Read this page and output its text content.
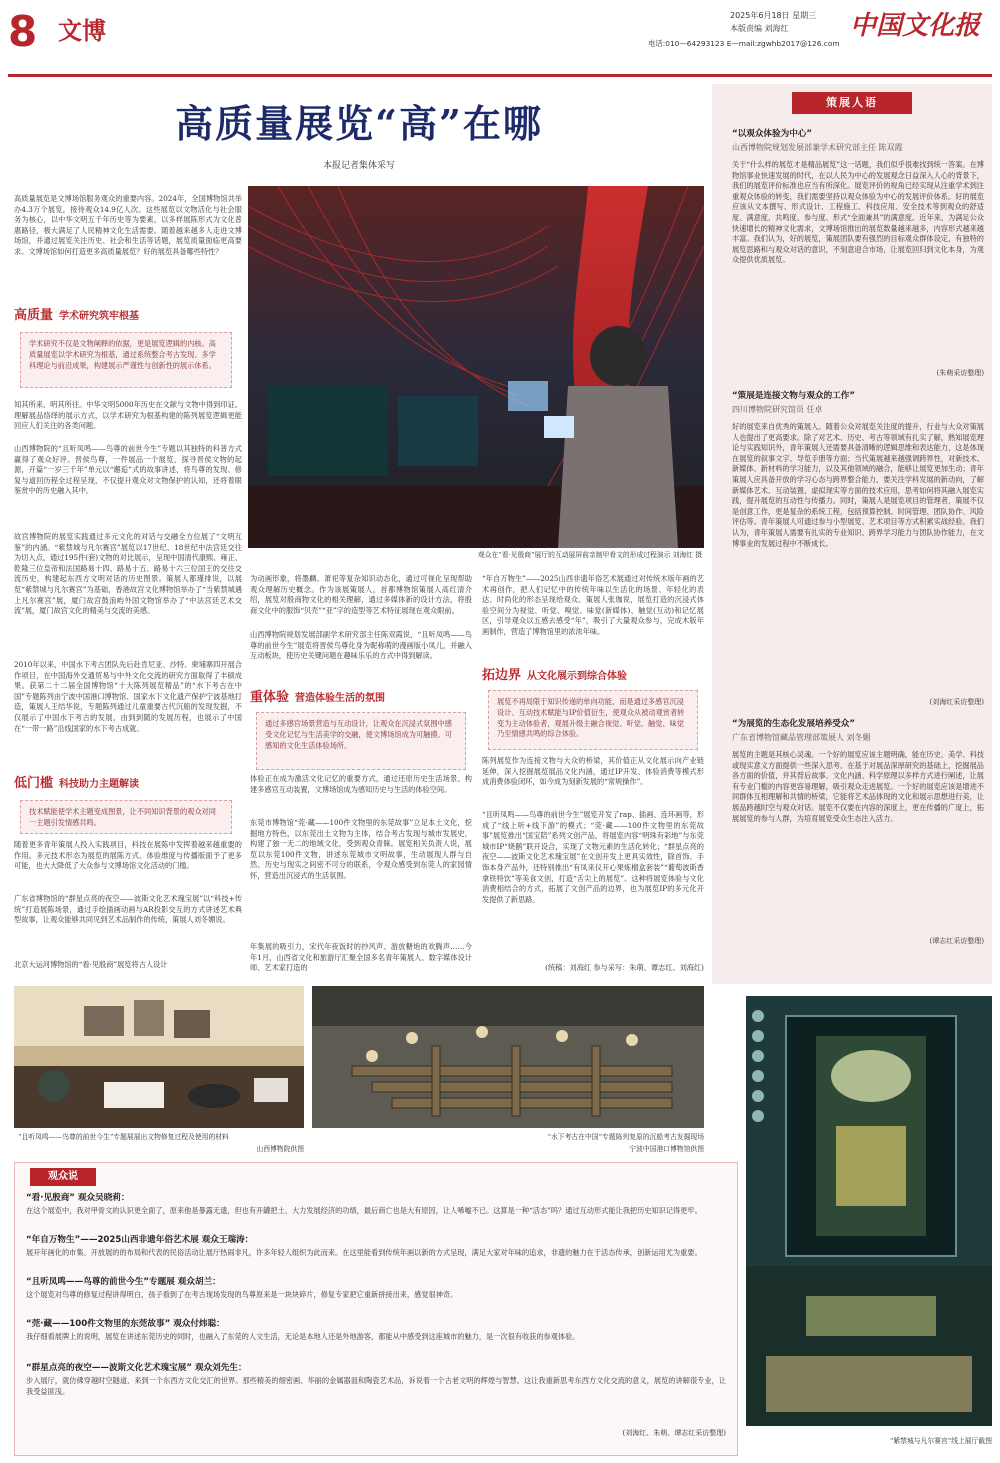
8 文博
2025年6月18日 星期三
本版责编 刘海红
电话:010—64293123 E—mail:zgwhb2017@126.com
中国文化报
高质量展览“高”在哪
本报记者集体采写
观众在“看·见殷商”展厅的互动展屏前亲制甲骨文的形成过程演示 刘海红 摄
高质量展览是文博场馆服务观众的重要内容。2024年，全国博物馆共举办4.3万个展览，接待观众14.9亿人次。这些展览以文物活化与社会服务为核心，以中华文明五千年历史等为要素，以多样展陈形式为文化普惠路径，极大满足了人民精神文化生活需要。随着越来越多人走进文博场馆，并通过展览关注历史、社会和生活等话题，展览质量面临更高要求。文博场馆如何打造更多高质量展览？好的展览具备哪些特性？
高质量 学术研究筑牢根基
学术研究不仅是文物阐释的依据，更是展览逻辑的内核。高质量展览以学术研究为根基，通过系统整合考古发现、多学科理论与前沿成果，构建展示严谨性与创新性的展示体系。
知其所来、明其所往。中华文明5000年历史在文献与文物中得到印证。理解展品络绎的展示方式，以学术研究为根基构建的陈列展览逻辑更能回应人们关注的各类问题。
山西博物院的“且听凤鸣——鸟尊的前世今生”专题以其独特的科普方式赢得了观众好评。晋侯鸟尊，一件展品一个展览，探寻晋侯文物的起源，开篇“一岁三千年”单元以“邂逅”式的故事讲述，将鸟尊的发现、修复与道回历程全过程呈现，不仅提升观众对文物保护的认知，还将着眼鉴赏中的历史融入其中。
故宫博物院的展览实践通过多元文化的对话与交融全方位展了“文明互鉴”的内涵。“紫禁城与凡尔赛宫”展览以17世纪、18世纪中法宫廷交往为切入点，通过195件(套)文物的对比展示，呈现中国清代康熙、雍正、乾隆三位皇帝和法国路易十四、路易十五、路易十六三位国王的交往交流历史，构建起东西方文明对话的历史图景。策展人都瑾排说，以展览“紫禁城与凡尔赛宫”为基础，香港故宫文化博物馆举办了“当紫禁城遇上凡尔赛宫”展，厦门故宫鼓浪屿外国文物馆举办了“中法宫廷艺术交流”展，厦门故宫文化的精美与交流的美感。
2010年以来，中国水下考古团队先后赴肯尼亚、沙特、柬埔寨四开展合作项目，在中国海外交通贸易与中外文化交流的研究方面取得了丰硕成果。获第二十二届全国博物馆“十大陈列展览精品”的“水下考古在中国”专题陈列由宁波中国港口博物馆、国家水下文化遗产保护宁波基地打造，策展人王结华说，专题陈列通过儿童重要古代沉船的发现发掘，不仅展示了中国水下考古的发展，由到到随的发展历程，也展示了中国在“一带一路”沿线国家的水下考古成就。
低门槛 科技助力主题解读
技术赋能使学术主题变成图景，让不同知识背景的观众对同一主题引发情感共鸣。
随着更多青年策展人投入实践项目，科技在展陈中发挥着越来越重要的作用。多元技术形态为展览的展陈方式、体验维度与传播版面予了更多可能，也大大降低了大众参与文博场馆文化活动的门槛。
广东省博物馆的“群星点亮的夜空——波斯文化艺术瑰宝展”以“科技+传统”打造展陈场景，通过手绘插画动画与AR投影交互的方式讲述艺术典型故事，让观众能够共同见到艺术品制作的传统，策展人刘冬媚说。
北京大运河博物馆的“看·见殷商”展览将古人设计
为动画形象，将墨麟、萧祀等复杂知识动态化，通过可视化呈现帮助观众理解历史概念。作为该展策展人，首都博物馆策展人高红清介绍，展览对殷商物文化的相关理解，通过多媒体新的设计方法，将殷商文化中的服饰“贝壳”“亚”字的造型等艺术特征展现在观众眼前。
山西博物院规划发展部副学术研究部主任陈双霞说，“且听凤鸣——鸟尊的前世今生”展览将晋侯鸟尊化身为昵称萌的漫画版小凤儿，并融入互动板块，使历史关键问题在趣味乐乐的方式中得到解读。
重体验 营造体验生活的氛围
通过多感官场景营造与互动设计，让观众在沉浸式氛围中感受文化记忆与生活美学的交融，使文博场馆成为可触摸、可感知的文化生活体验场所。
体验正在成为激活文化记忆的重要方式，通过还原历史生活场景、构建多感官互动装置，文博场馆成为感知历史与生活的体验空间。
东莞市博物馆“莞·藏——100件文物里的东莞故事”立足本土文化，挖掘地方特色，以东莞出土文物为主体，结合考古发现与城市发展史，构建了独一无二的地域文化，受到观众青睐。展览相关负责人说，展览以东莞100件文物，讲述东莞城市文明故事，生动展现人群与自然、历史与现实之间密不可分的联系，令观众感受到东莞人的家园情怀，营造出沉浸式的生活氛围。
年集展的吸引力，宋代年夜饭时的抄风声、游放糖炮的欢腾声……今年1月，山西省文化和旅游厅汇聚全国多名青年策展人、数字媒体设计师、艺术家打造的
“年自万物生”——2025山西非遗年俗艺术展通过对传统木版年画的艺术再创作，把人们记忆中的传统年味以生活化的场景、年轻化的表达、时尚化的形态呈现给观众。策展人张珈说，展览打造的沉浸式体验空间分为视觉、听觉、嗅觉、味觉(新媒体)、触觉(互动)和记忆展区，引导观众以五感去感受“年”，吸引了大量观众参与，完成木版年画制作，营造了博物馆里的浓浓年味。
拓边界 从文化展示到综合体验
展览不再局限于知识传递的单向功能，而是通过多感官沉浸设计、互动技术赋能与IP价值衍生，使观众从被动观赏者转变为主动体验者，观展升级主融合视觉、听觉、触觉、味觉乃至情感共鸣的综合体验。
陈列展览作为连接文物与大众的桥梁，其价值正从文化展示向产业链延伸，深入挖掘展览展品文化内涵，通过IP开发、体验消费等模式形成消费体验闭环，如今成为刻新发展的“常规操作”。
“且听凤鸣——鸟尊的前世今生”展览开发了rap、插画、连环画等，形成了“线上听+线下游”的模式；“莞·藏——100件文物里的东莞故事”展览推出“国宝陪”系列文创产品，将展览内容“明珠有彩地”与东莞城市IP“烧鹅”联开设合，实现了文物元素的生活化转化；“群星点亮的夜空——波斯文化艺术瑰宝展”在文创开发上更具实效性，除首饰、手饰本身产品外，还特别推出“有凤来仪开心果炼榴盒套装”“葡萄波斯香拿铁特饮”等美食文创，打造“舌尖上的展览”。这种将展览体验与文化消费相结合的方式，拓展了文创产品的边界，也为展览IP的多元化开发提供了新思路。
(统稿：刘海红 参与采写：朱萌、谭志红、刘海红)
策展人语
“以观众体验为中心”
山西博物院规划发展部兼学术研究部主任 陈双霞
关于“什么样的展览才是精品展览”这一话题，我们似乎很难找到统一答案。在博物馆事业快速发展的时代，在以人民为中心的发展观念日益深入人心的背景下，我们的展览评价标准也应当有所深化。展览评价的视角已经实现从注重学术到注重观众体验的转变，我们需要坚持以观众体验为中心的发展评价体系。好的展览应该从文本撰写、形式设计、工程施工、科技应用、安全技术等到观众的舒适度、满意度、共鸣度、参与度、形式“全面兼具”的满意度。近年来，为满足公众快速增长的精神文化需求，文博场馆推出的展览数量越来越多，内容形式越来越丰富。我们认为，好的展览，策展团队要有强烈的目标观众群体设定，有独特的展览思路和与观众对话的意识，不刻意迎合市场，让展览回归到文化本身，为观众提供优质展览。
(朱萌采访整理)
“策展是连接文物与观众的工作”
四川博物院研究馆员 任卓
好的展览来自优秀的策展人。随着公众对展览关注度的提升，行业与大众对策展人也提出了更高要求。除了对艺术、历史、考古等领域有扎实了解，熟知展览理论与实践知识外，青年策展人还需要具备清晰的逻辑思维和表达能力，这是体现在展览的叙事文字、导览手册等方面；当代策展越来越强调跨界性，对新技术、新媒体、新材料的学习能力，以及其他领域的融合，能够让展览更加生动；青年策展人应具备开放的学习心态与跨界整合能力，要关注学科发展的新动向，了解新媒体艺术、互动装置、虚拟现实等方面的技术应用，思考如何将其融入展览实践，提升展览的互动性与传播力。同时，策展人是展览项目的管理者，策展不仅是创意工作，更是复杂的系统工程，包括预算控制、时间管理、团队协作、风险评估等。青年策展人可通过参与小型展览、艺术项目等方式积累实战经验。我们认为，青年策展人需要有扎实的专业知识、跨界学习能力与团队协作能力，在文博事业的发展过程中不断成长。
(刘海红采访整理)
“为展览的生态化发展培养受众”
广东省博物馆藏品管理部策展人 刘冬媚
展览的主题是其核心灵魂。一个好的展览应该主题明确，能在历史、美学、科技或现实意义方面提供一些深入思考。在基于对展品深厚研究的基础上，挖掘展品各方面的价值，并其背后故事、文化内涵、科学原理以多样方式进行阐述，让展有专业门槛的内容更容易理解，吸引观众走进展览。一个好的展览应该是增进不同群体互相理解和共情的桥梁，它能将艺术品体现的文化和展示思想进行美，让展品跨越时空与观众对话。展览不仅要在内容的深度上，更在传播的广度上，拓展展览的参与人群，为培育展览受众生态注入活力。
(谭志红采访整理)
“且听凤鸣——鸟尊的前世今生”专题展展出文物修复过程及使用的材料
山西博物院供图
“水下考古在中国”专题陈列复原的沉船考古发掘现场
宁波中国港口博物馆供图
观众说
“看·见殷商” 观众吴晓莉：
在这个展览中，我对甲骨文的认识更全面了，原来他是暴露无遗，但也有开罐把土、大力发展经济的功绩，最后商亡也是大有原因，让人唏嘘不已。这算是一种“活态”吗？通过互动形式能让我把历史知识记得更牢。
“年自万物生”——2025山西非遗年俗艺术展 观众王瑞涛：
展开年画化的市集、开放展的的布局和代表的民俗活动让展厅热闹非凡，许多年轻人组织为此而来。在这里能看到传统年画以新的方式呈现，满足大家对年味的追求，非遗的魅力在于活态传承，创新运用尤为重要。
“且听凤鸣——鸟尊的前世今生”专题展 观众胡兰：
这个展览对鸟尊的修复过程讲得明白，孩子看到了在考古现场发现的鸟尊原来是一块块碎片，修复专家把它重新拼接出来，感觉很神奇。
“莞·藏——100件文物里的东莞故事” 观众付炜聪：
我仔细看展牌上的说明，展览在讲述东莞历史的同时，也融入了东莞的人文生活，无论是本地人还是外地游客，都能从中感受到这座城市的魅力，是一次很有收获的参观体验。
“群星点亮的夜空——波斯文化艺术瑰宝展” 观众刘先生：
步入展厅，就仿佛穿越时空隧道，来到一个东西方文化交汇的世界。那些精美的细密画、华丽的金属器皿和陶瓷艺术品，诉说着一个古老文明的辉煌与智慧。这让我重新思考东西方文化交流的意义，展览的讲解很专业，让我受益匪浅。
(刘海红、朱萌、谭志红采访整理)
“紫禁城与凡尔赛宫”线上展厅截图
